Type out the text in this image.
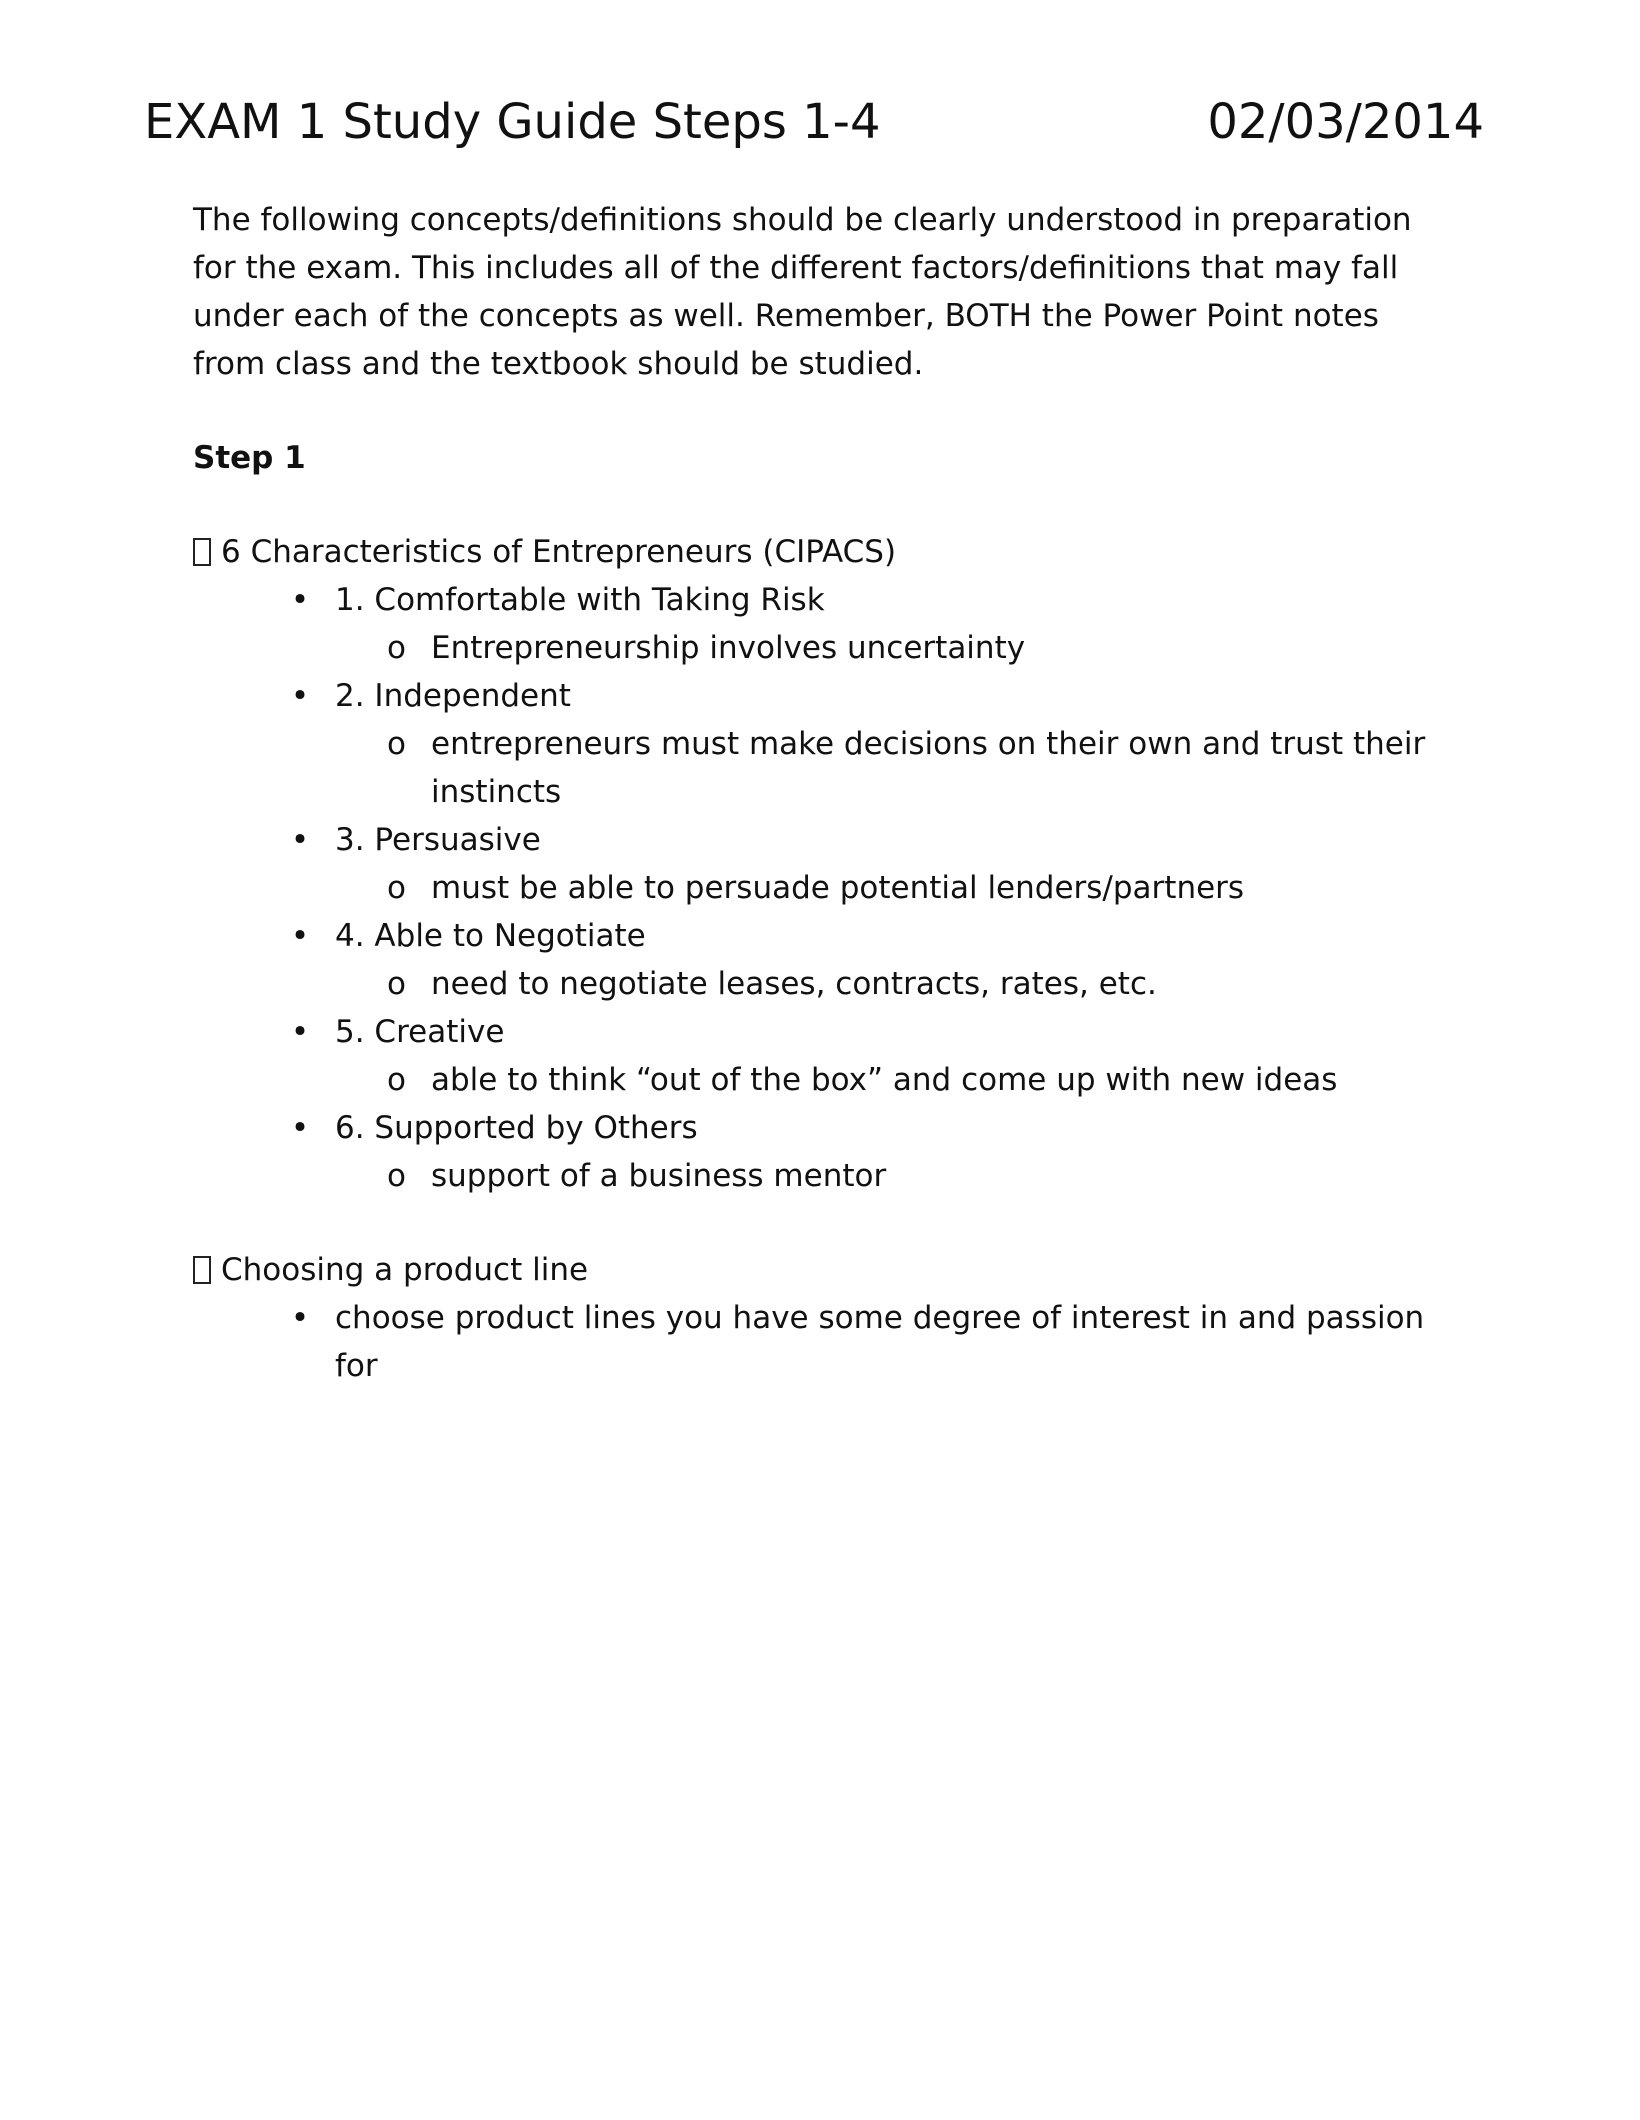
EXAM 1 Study Guide Steps 1-4	02/03/2014

The following concepts/definitions should be clearly understood in preparation for the exam. This includes all of the different factors/definitions that may fall under each of the concepts as well. Remember, BOTH the Power Point notes from class and the textbook should be studied.

Step 1
6 Characteristics of Entrepreneurs (CIPACS)
• 1. Comfortable with Taking Risk
o Entrepreneurship involves uncertainty
• 2. Independent
o entrepreneurs must make decisions on their own and trust their instincts
• 3. Persuasive
o must be able to persuade potential lenders/partners
• 4. Able to Negotiate
o need to negotiate leases, contracts, rates, etc.
• 5. Creative
o able to think “out of the box” and come up with new ideas
• 6. Supported by Others
o support of a business mentor
Choosing a product line
• choose product lines you have some degree of interest in and passion for
